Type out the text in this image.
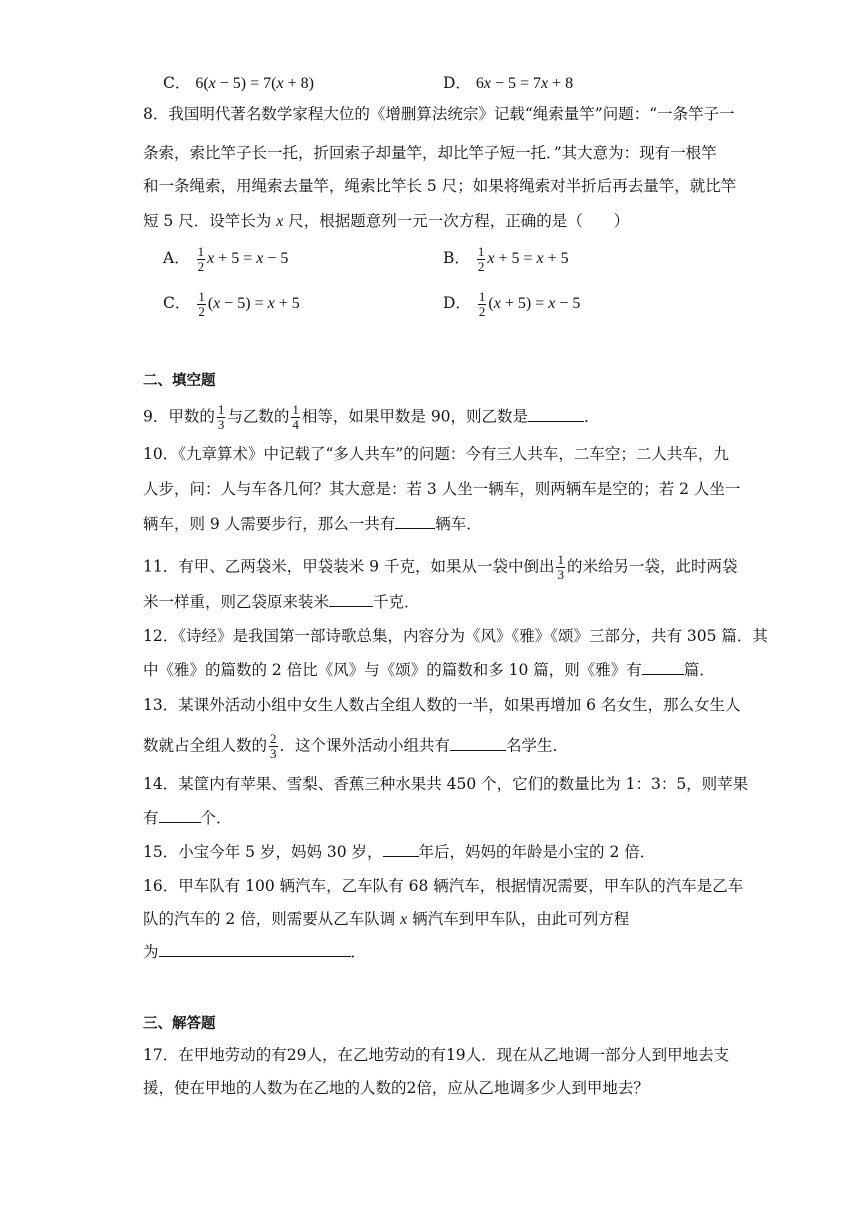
C． 6(x − 5) = 7(x + 8)	D． 6x − 5 = 7x + 8
8．我国明代著名数学家程大位的《增删算法统宗》记载“绳索量竿”问题：“一条竿子一
条索，索比竿子长一托，折回索子却量竿，却比竿子短一托．”其大意为：现有一根竿
和一条绳索，用绳索去量竿，绳索比竿长 5 尺；如果将绳索对半折后再去量竿，就比竿
短 5 尺．设竿长为 x 尺，根据题意列一元一次方程，正确的是（　　）
A． $\frac{1}{2}$ x + 5 = x − 5	B． $\frac{1}{2}$ x + 5 = x + 5
C． $\frac{1}{2} (x - 5) = x + 5$	D． $\frac{1}{2} (x + 5) = x - 5$
二、填空题
9．甲数的 $\frac{1}{3}$ 与乙数的 $\frac{1}{4}$ 相等，如果甲数是 90，则乙数是	．
10．《九章算术》中记载了“多人共车”的问题：今有三人共车，二车空；二人共车，九
人步，问：人与车各几何？其大意是：若 3 人坐一辆车，则两辆车是空的；若 2 人坐一
辆车，则 9 人需要步行，那么一共有	辆车．
11．有甲、乙两袋米，甲袋装米 9 千克，如果从一袋中倒出 $\frac{1}{3}$ 的米给另一袋，此时两袋
米一样重，则乙袋原来装米	千克．
12．《诗经》是我国第一部诗歌总集，内容分为《风》《雅》《颂》三部分，共有 305 篇．其
中《雅》的篇数的 2 倍比《风》与《颂》的篇数和多 10 篇，则《雅》有	篇．
13．某课外活动小组中女生人数占全组人数的一半，如果再增加 6 名女生，那么女生人
数就占全组人数的 $\frac{2}{3}$ ．这个课外活动小组共有	名学生．
14．某筐内有苹果、雪梨、香蕉三种水果共 450 个，它们的数量比为 1：3：5，则苹果
有	个．
15．小宝今年 5 岁，妈妈 30 岁， 年后，妈妈的年龄是小宝的 2 倍．
16．甲车队有 100 辆汽车，乙车队有 68 辆汽车，根据情况需要，甲车队的汽车是乙车
队的汽车的 2 倍，则需要从乙车队调 x 辆汽车到甲车队，由此可列方程
为	．
三、解答题
17．在甲地劳动的有29人，在乙地劳动的有19人．现在从乙地调一部分人到甲地去支
援，使在甲地的人数为在乙地的人数的2倍，应从乙地调多少人到甲地去？
